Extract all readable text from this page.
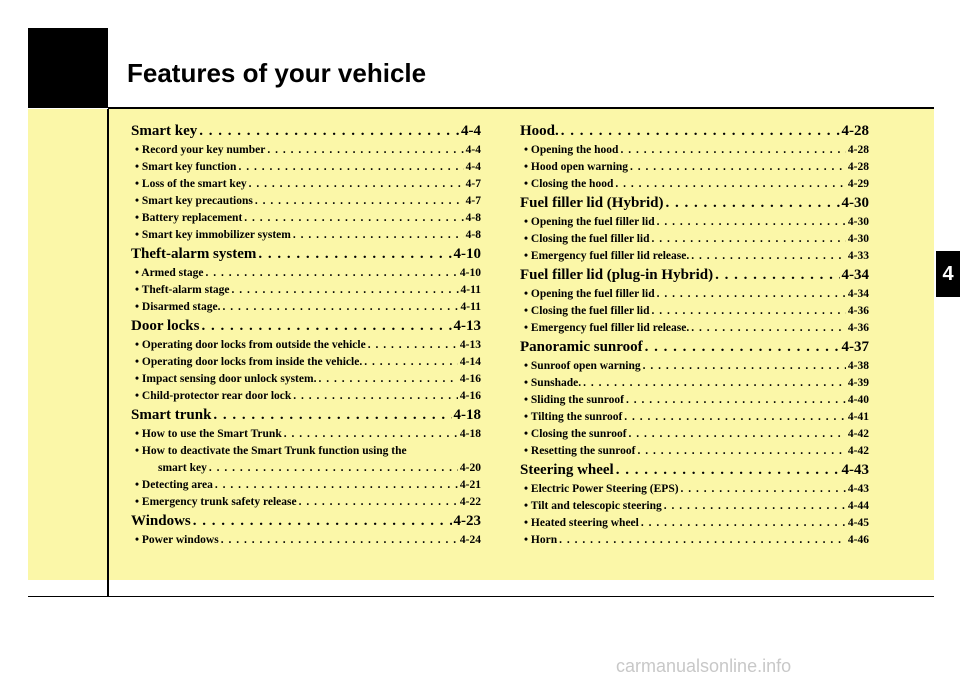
Features of your vehicle
4
Smart key . . .	4-4
• Record your key number . . .	4-4
• Smart key function . . .	4-4
• Loss of the smart key . . .	4-7
• Smart key precautions . . .	4-7
• Battery replacement . . .	4-8
• Smart key immobilizer system . . .	4-8
Theft-alarm system . . .	4-10
• Armed stage . . .	4-10
• Theft-alarm stage . . .	4-11
• Disarmed stage. . . .	4-11
Door locks . . .	4-13
• Operating door locks from outside the vehicle . . .	4-13
• Operating door locks from inside the vehicle. . . .	4-14
• Impact sensing door unlock system. . . .	4-16
• Child-protector rear door lock . . .	4-16
Smart trunk . . .	4-18
• How to use the Smart Trunk . . .	4-18
• How to deactivate the Smart Trunk function using the
smart key . . .	4-20
• Detecting area . . .	4-21
• Emergency trunk safety release . . .	4-22
Windows . . .	4-23
• Power windows . . .	4-24
Hood. . . .	4-28
• Opening the hood . . .	4-28
• Hood open warning . . .	4-28
• Closing the hood . . .	4-29
Fuel filler lid (Hybrid) . . .	4-30
• Opening the fuel filler lid . . .	4-30
• Closing the fuel filler lid . . .	4-30
• Emergency fuel filler lid release. . . .	4-33
Fuel filler lid (plug-in Hybrid) . . .	4-34
• Opening the fuel filler lid . . .	4-34
• Closing the fuel filler lid . . .	4-36
• Emergency fuel filler lid release. . . .	4-36
Panoramic sunroof . . .	4-37
• Sunroof open warning . . .	4-38
• Sunshade. . . .	4-39
• Sliding the sunroof . . .	4-40
• Tilting the sunroof . . .	4-41
• Closing the sunroof . . .	4-42
• Resetting the sunroof . . .	4-42
Steering wheel . . .	4-43
• Electric Power Steering (EPS) . . .	4-43
• Tilt and telescopic steering . . .	4-44
• Heated steering wheel . . .	4-45
• Horn . . .	4-46
carmanualsonline.info
